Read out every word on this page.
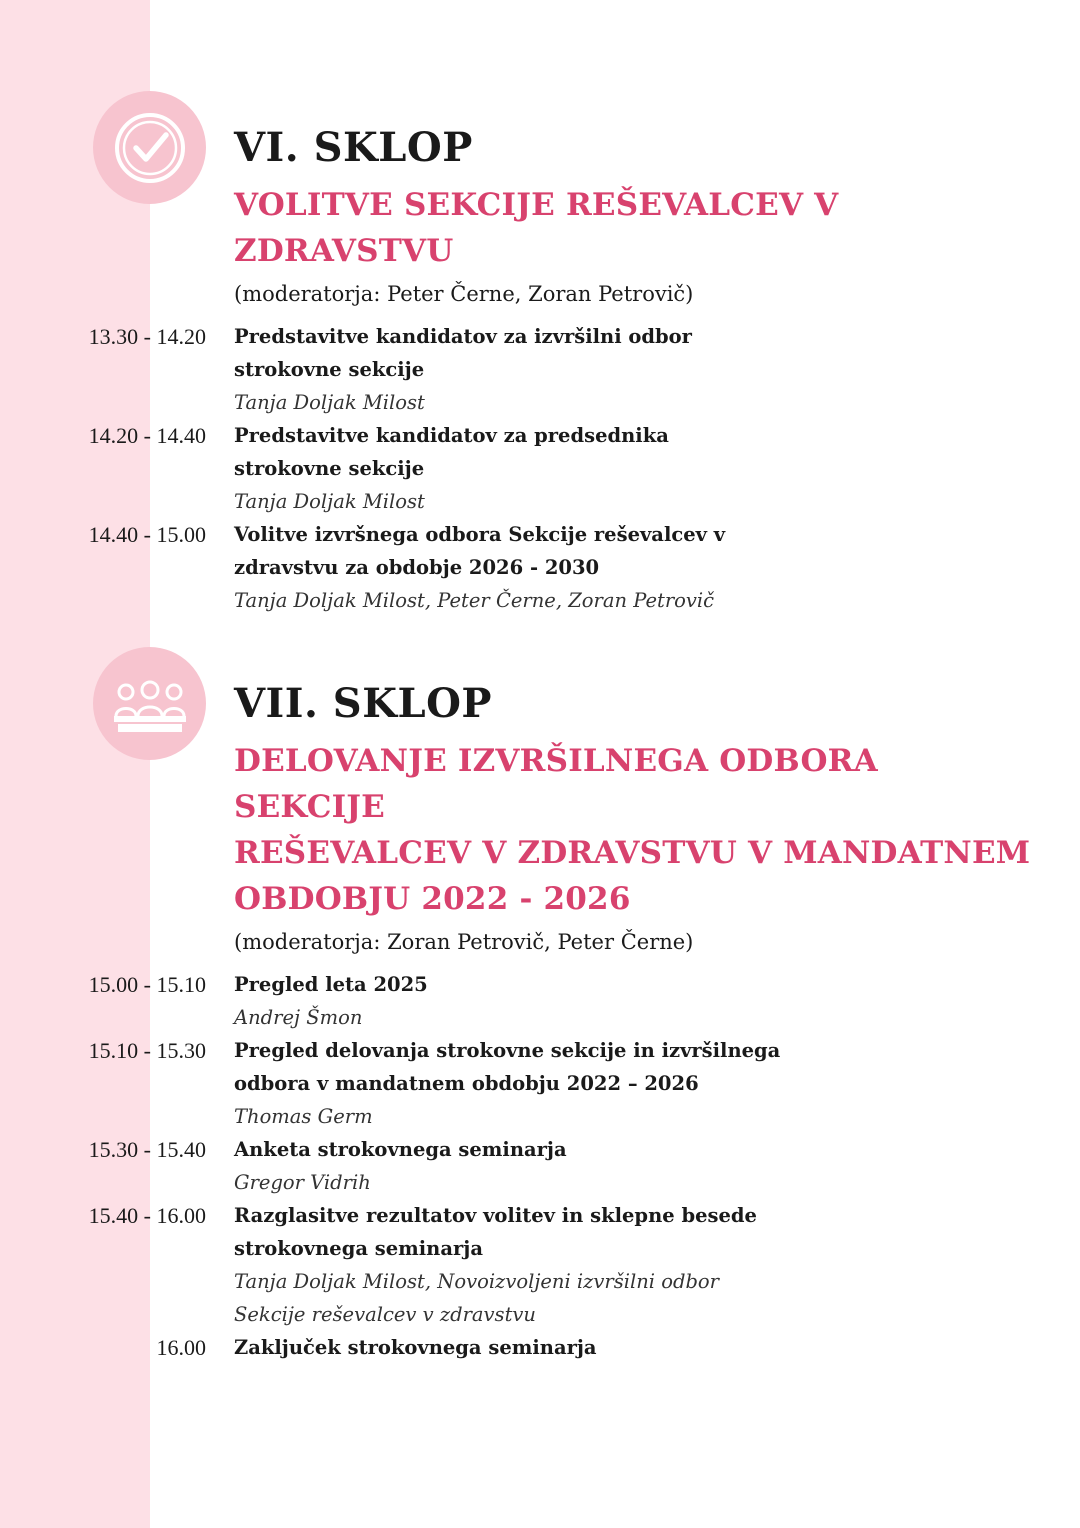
VI. SKLOP
VOLITVE SEKCIJE REŠEVALCEV V ZDRAVSTVU
(moderatorja: Peter Černe, Zoran Petrovič)
13.30 - 14.20 Predstavitve kandidatov za izvršilni odbor
strokovne sekcije
Tanja Doljak Milost
14.20 - 14.40 Predstavitve kandidatov za predsednika
strokovne sekcije
Tanja Doljak Milost
14.40 - 15.00 Volitve izvršnega odbora Sekcije reševalcev v
zdravstvu za obdobje 2026 - 2030
Tanja Doljak Milost, Peter Černe, Zoran Petrovič
VII. SKLOP
DELOVANJE IZVRŠILNEGA ODBORA SEKCIJE
REŠEVALCEV V ZDRAVSTVU V MANDATNEM
OBDOBJU 2022 - 2026
(moderatorja: Zoran Petrovič, Peter Černe)
15.00 - 15.10 Pregled leta 2025
Andrej Šmon
15.10 - 15.30 Pregled delovanja strokovne sekcije in izvršilnega
odbora v mandatnem obdobju 2022 – 2026
Thomas Germ
15.30 - 15.40 Anketa strokovnega seminarja
Gregor Vidrih
15.40 - 16.00 Razglasitve rezultatov volitev in sklepne besede
strokovnega seminarja
Tanja Doljak Milost, Novoizvoljeni izvršilni odbor
Sekcije reševalcev v zdravstvu
16.00 Zaključek strokovnega seminarja
